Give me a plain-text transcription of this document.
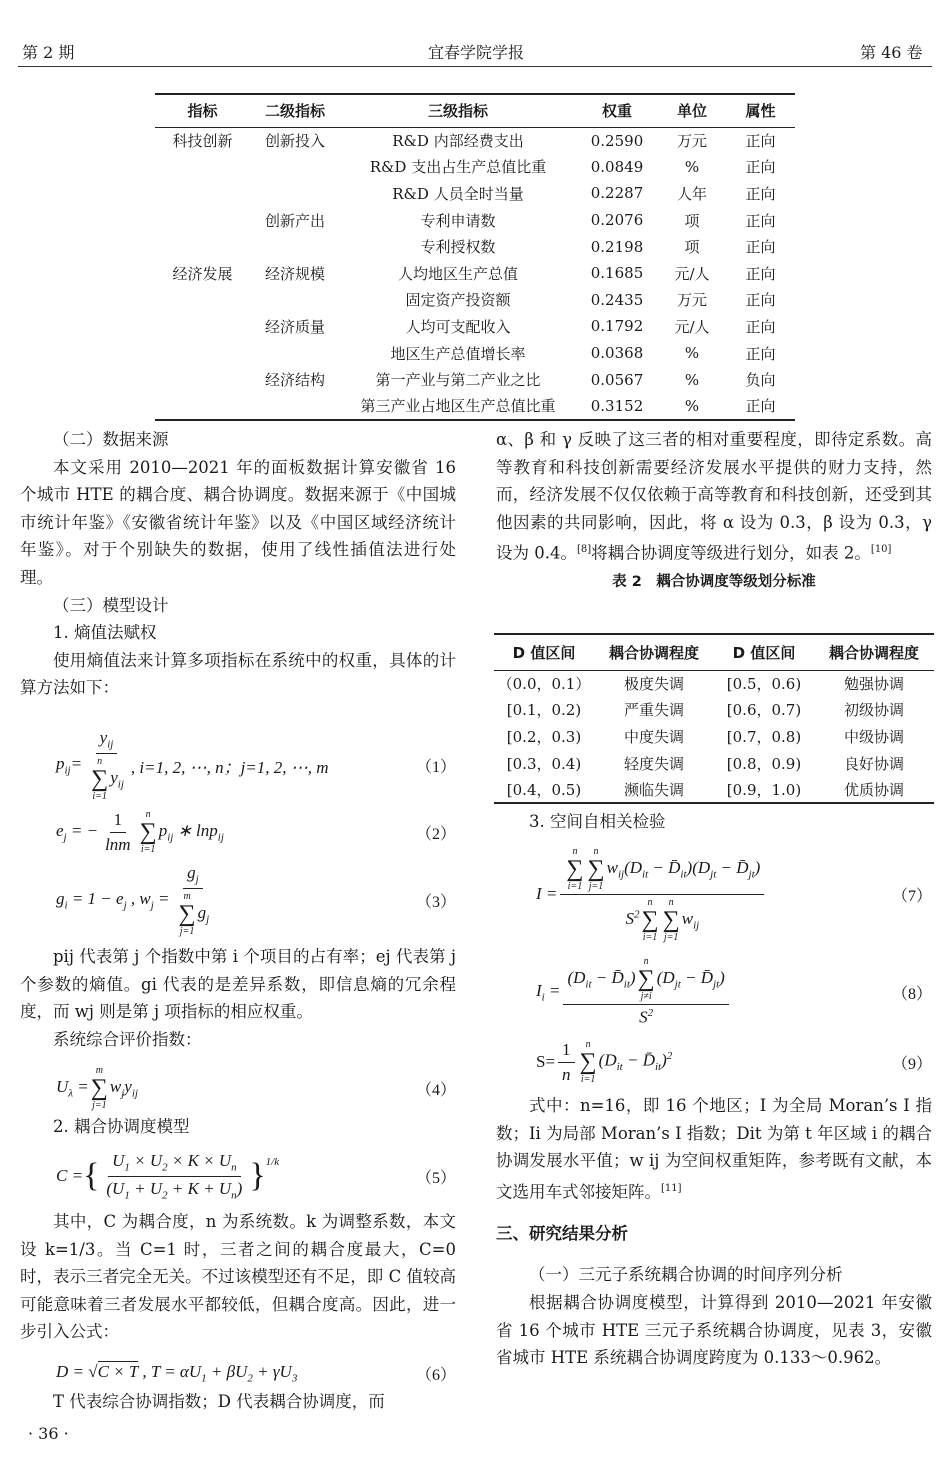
第 2 期	宜春学院学报	第 46 卷
指标	二级指标	三级指标	权重	单位	属性
科技创新	创新投入	R&D 内部经费支出	0.2590	万元	正向
		R&D 支出占生产总值比重	0.0849	%	正向
		R&D 人员全时当量	0.2287	人年	正向
	创新产出	专利申请数	0.2076	项	正向
		专利授权数	0.2198	项	正向
经济发展	经济规模	人均地区生产总值	0.1685	元/人	正向
		固定资产投资额	0.2435	万元	正向
	经济质量	人均可支配收入	0.1792	元/人	正向
		地区生产总值增长率	0.0368	%	正向
	经济结构	第一产业与第二产业之比	0.0567	%	负向
		第三产业占地区生产总值比重	0.3152	%	正向

（二）数据来源

本文采用 2010—2021 年的面板数据计算安徽省 16 个城市 HTE 的耦合度、耦合协调度。数据来源于《中国城市统计年鉴》《安徽省统计年鉴》以及《中国区域经济统计年鉴》。对于个别缺失的数据，使用了线性插值法进行处理。

（三）模型设计

1. 熵值法赋权

使用熵值法来计算多项指标在系统中的权重，具体的计算方法如下：

$p_{ij}= y_{ij}$
n
∑
i=1
$y_{ij}$ , i=1, 2, ⋯, n；j=1, 2, ⋯, m	（1）
$e_j$ = − $\frac{1}{\ln m}$ n
∑
i=1
$p_{ij}$ ∗ lnp$_{ij}$	（2）
$g_i = 1 - e_j$ , $w_j = g_j$
m
∑
j=1
$g_j$	（3）

pij 代表第 j 个指数中第 i 个项目的占有率；ej 代表第 j 个参数的熵值。gi 代表的是差异系数，即信息熵的冗余程度，而 wj 则是第 j 项指标的相应权重。

系统综合评价指数：

$U_\lambda$ =
m
∑
j=1
$w_jy_{ij}$	（4）

2. 耦合协调度模型

C = { $\frac{U_1 \times U_2 \times K \times U_n}{(U_1 + U_2 + K + U_n)} \}^{1/k}$
（5）

其中，C 为耦合度，n 为系统数。k 为调整系数，本文设 k=1/3。当 C=1 时，三者之间的耦合度最大，C=0 时，表示三者完全无关。不过该模型还有不足，即 C 值较高可能意味着三者发展水平都较低，但耦合度高。因此，进一步引入公式：

D = √C × T , $T = \alpha U_1 + \beta U_2 + \gamma U_3$	（6）

T 代表综合协调指数；D 代表耦合协调度，而

α、β 和 γ 反映了这三者的相对重要程度，即待定系数。高等教育和科技创新需要经济发展水平提供的财力支持，然而，经济发展不仅仅依赖于高等教育和科技创新，还受到其他因素的共同影响，因此，将 α 设为 0.3，β 设为 0.3，γ 设为 0.4。[8]将耦合协调度等级进行划分，如表 2。[10]

表 2　耦合协调度等级划分标准

D 值区间	耦合协调程度	D 值区间	耦合协调程度
（0.0，0.1）	极度失调	[0.5，0.6)	勉强协调
[0.1，0.2)	严重失调	[0.6，0.7)	初级协调
[0.2，0.3)	中度失调	[0.7，0.8)	中级协调
[0.3，0.4)	轻度失调	[0.8，0.9)	良好协调
[0.4，0.5)	濒临失调	[0.9，1.0)	优质协调

3. 空间自相关检验

I = n
∑
i=1
n
∑
j=1
$w_{ij}(D_{it}$ − $D̄_{it})(D_{jt}$ − $D̄_{jt}$)
$S^2$
n
∑
i=1
n
∑
j=1
$w_{ij}$	（7）
$I_i = (D_{it}$ − $D̄_{it}$)
n
∑
j≠i
($D_{jt}$ − $D̄_{jt}$)
$S^2$	（8）
$S= \frac{1}{n}$ n
∑
i=1
($D_{it}$ − $D̄_{it})^2$	（9）

式中：n=16，即 16 个地区；I 为全局 Moran’s I 指数；Ii 为局部 Moran’s I 指数；Dit 为第 t 年区域 i 的耦合协调发展水平值；w ij 为空间权重矩阵，参考既有文献，本文选用车式邻接矩阵。[11]

三、研究结果分析

（一）三元子系统耦合协调的时间序列分析

根据耦合协调度模型，计算得到 2010—2021 年安徽省 16 个城市 HTE 三元子系统耦合协调度，见表 3，安徽省城市 HTE 系统耦合协调度跨度为 0.133～0.962。

· 36 ·
